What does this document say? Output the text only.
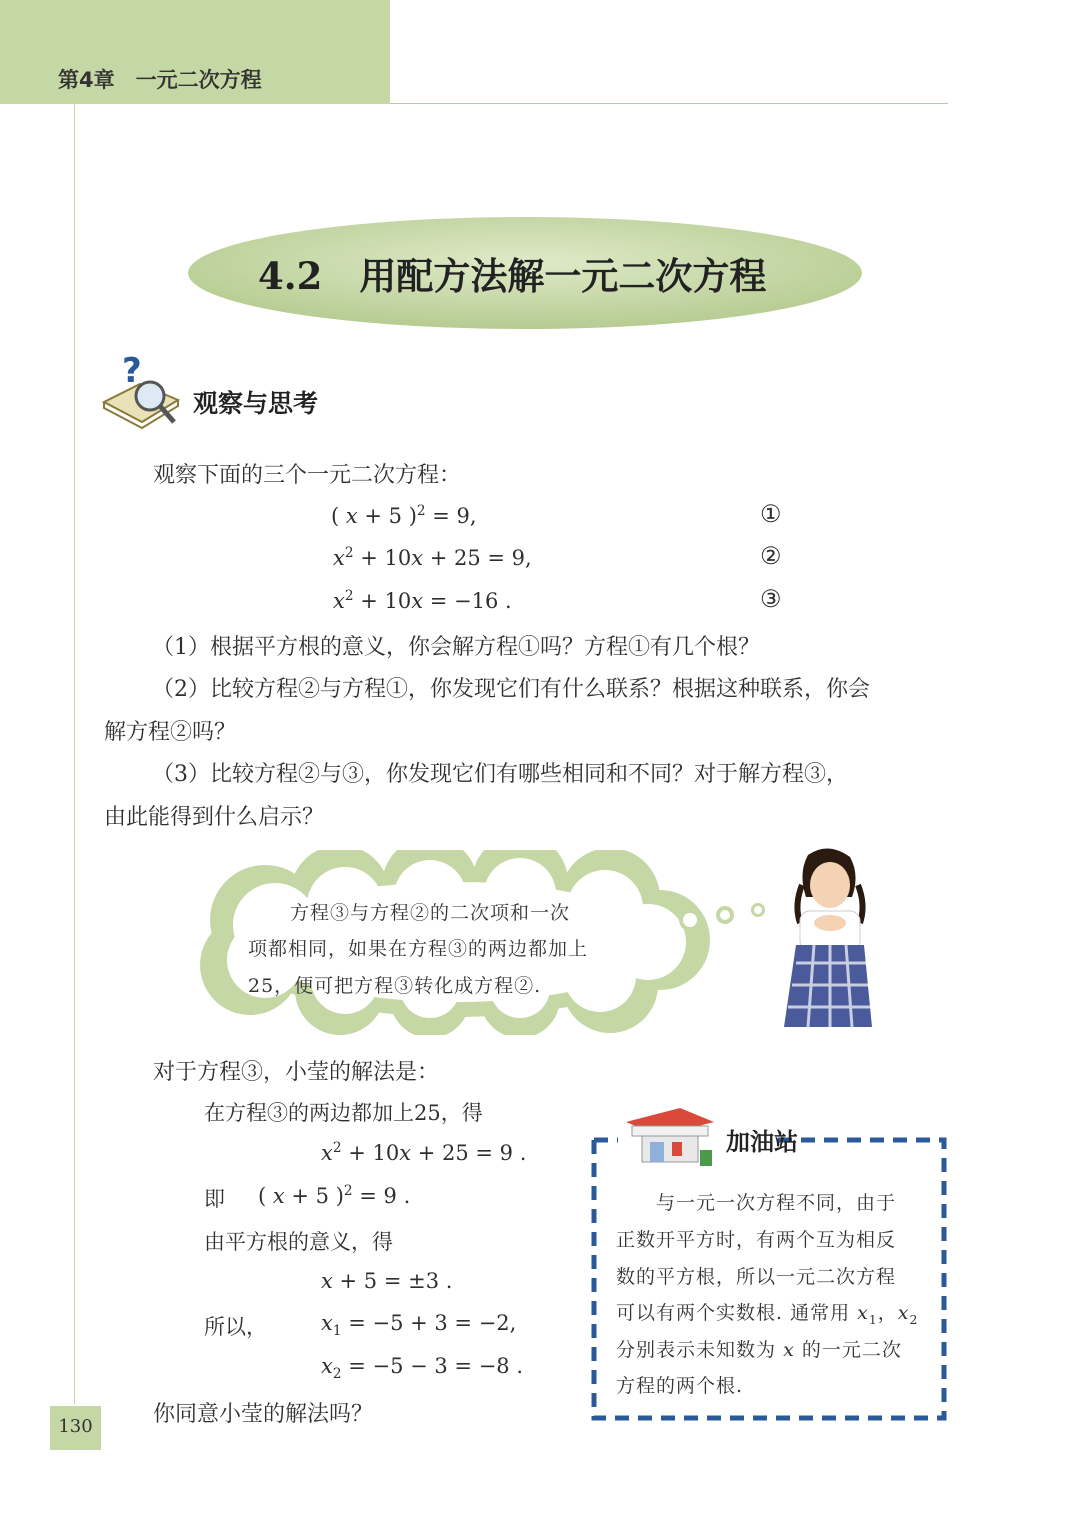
第4章　一元二次方程
4.2　用配方法解一元二次方程
?
观察与思考
观察下面的三个一元二次方程：
( x + 5 )$^2$ = 9,	①
$x^2 + 10x + 25 = 9$,	②
$x^2 + 10x = -16$ .	③
（1）根据平方根的意义，你会解方程①吗？方程①有几个根？
（2）比较方程②与方程①，你发现它们有什么联系？根据这种联系，你会
解方程②吗？
（3）比较方程②与③，你发现它们有哪些相同和不同？对于解方程③，
由此能得到什么启示？
方程③与方程②的二次项和一次
项都相同，如果在方程③的两边都加上
25，便可把方程③转化成方程②.
对于方程③，小莹的解法是：
在方程③的两边都加上25，得
$x^2 + 10x + 25 = 9$ .
即 ( x + 5 )$^2$ = 9 .
由平方根的意义，得
x + 5 = ±3 .
所以，	$x_1 = -5 + 3 = -2$,
$x_2 = -5 - 3 = -8$ .
你同意小莹的解法吗？
加油站
与一元一次方程不同，由于
正数开平方时，有两个互为相反
数的平方根，所以一元二次方程
可以有两个实数根. 通常用 $x_1$，$x_2$
分别表示未知数为 x 的一元二次
方程的两个根.
130
